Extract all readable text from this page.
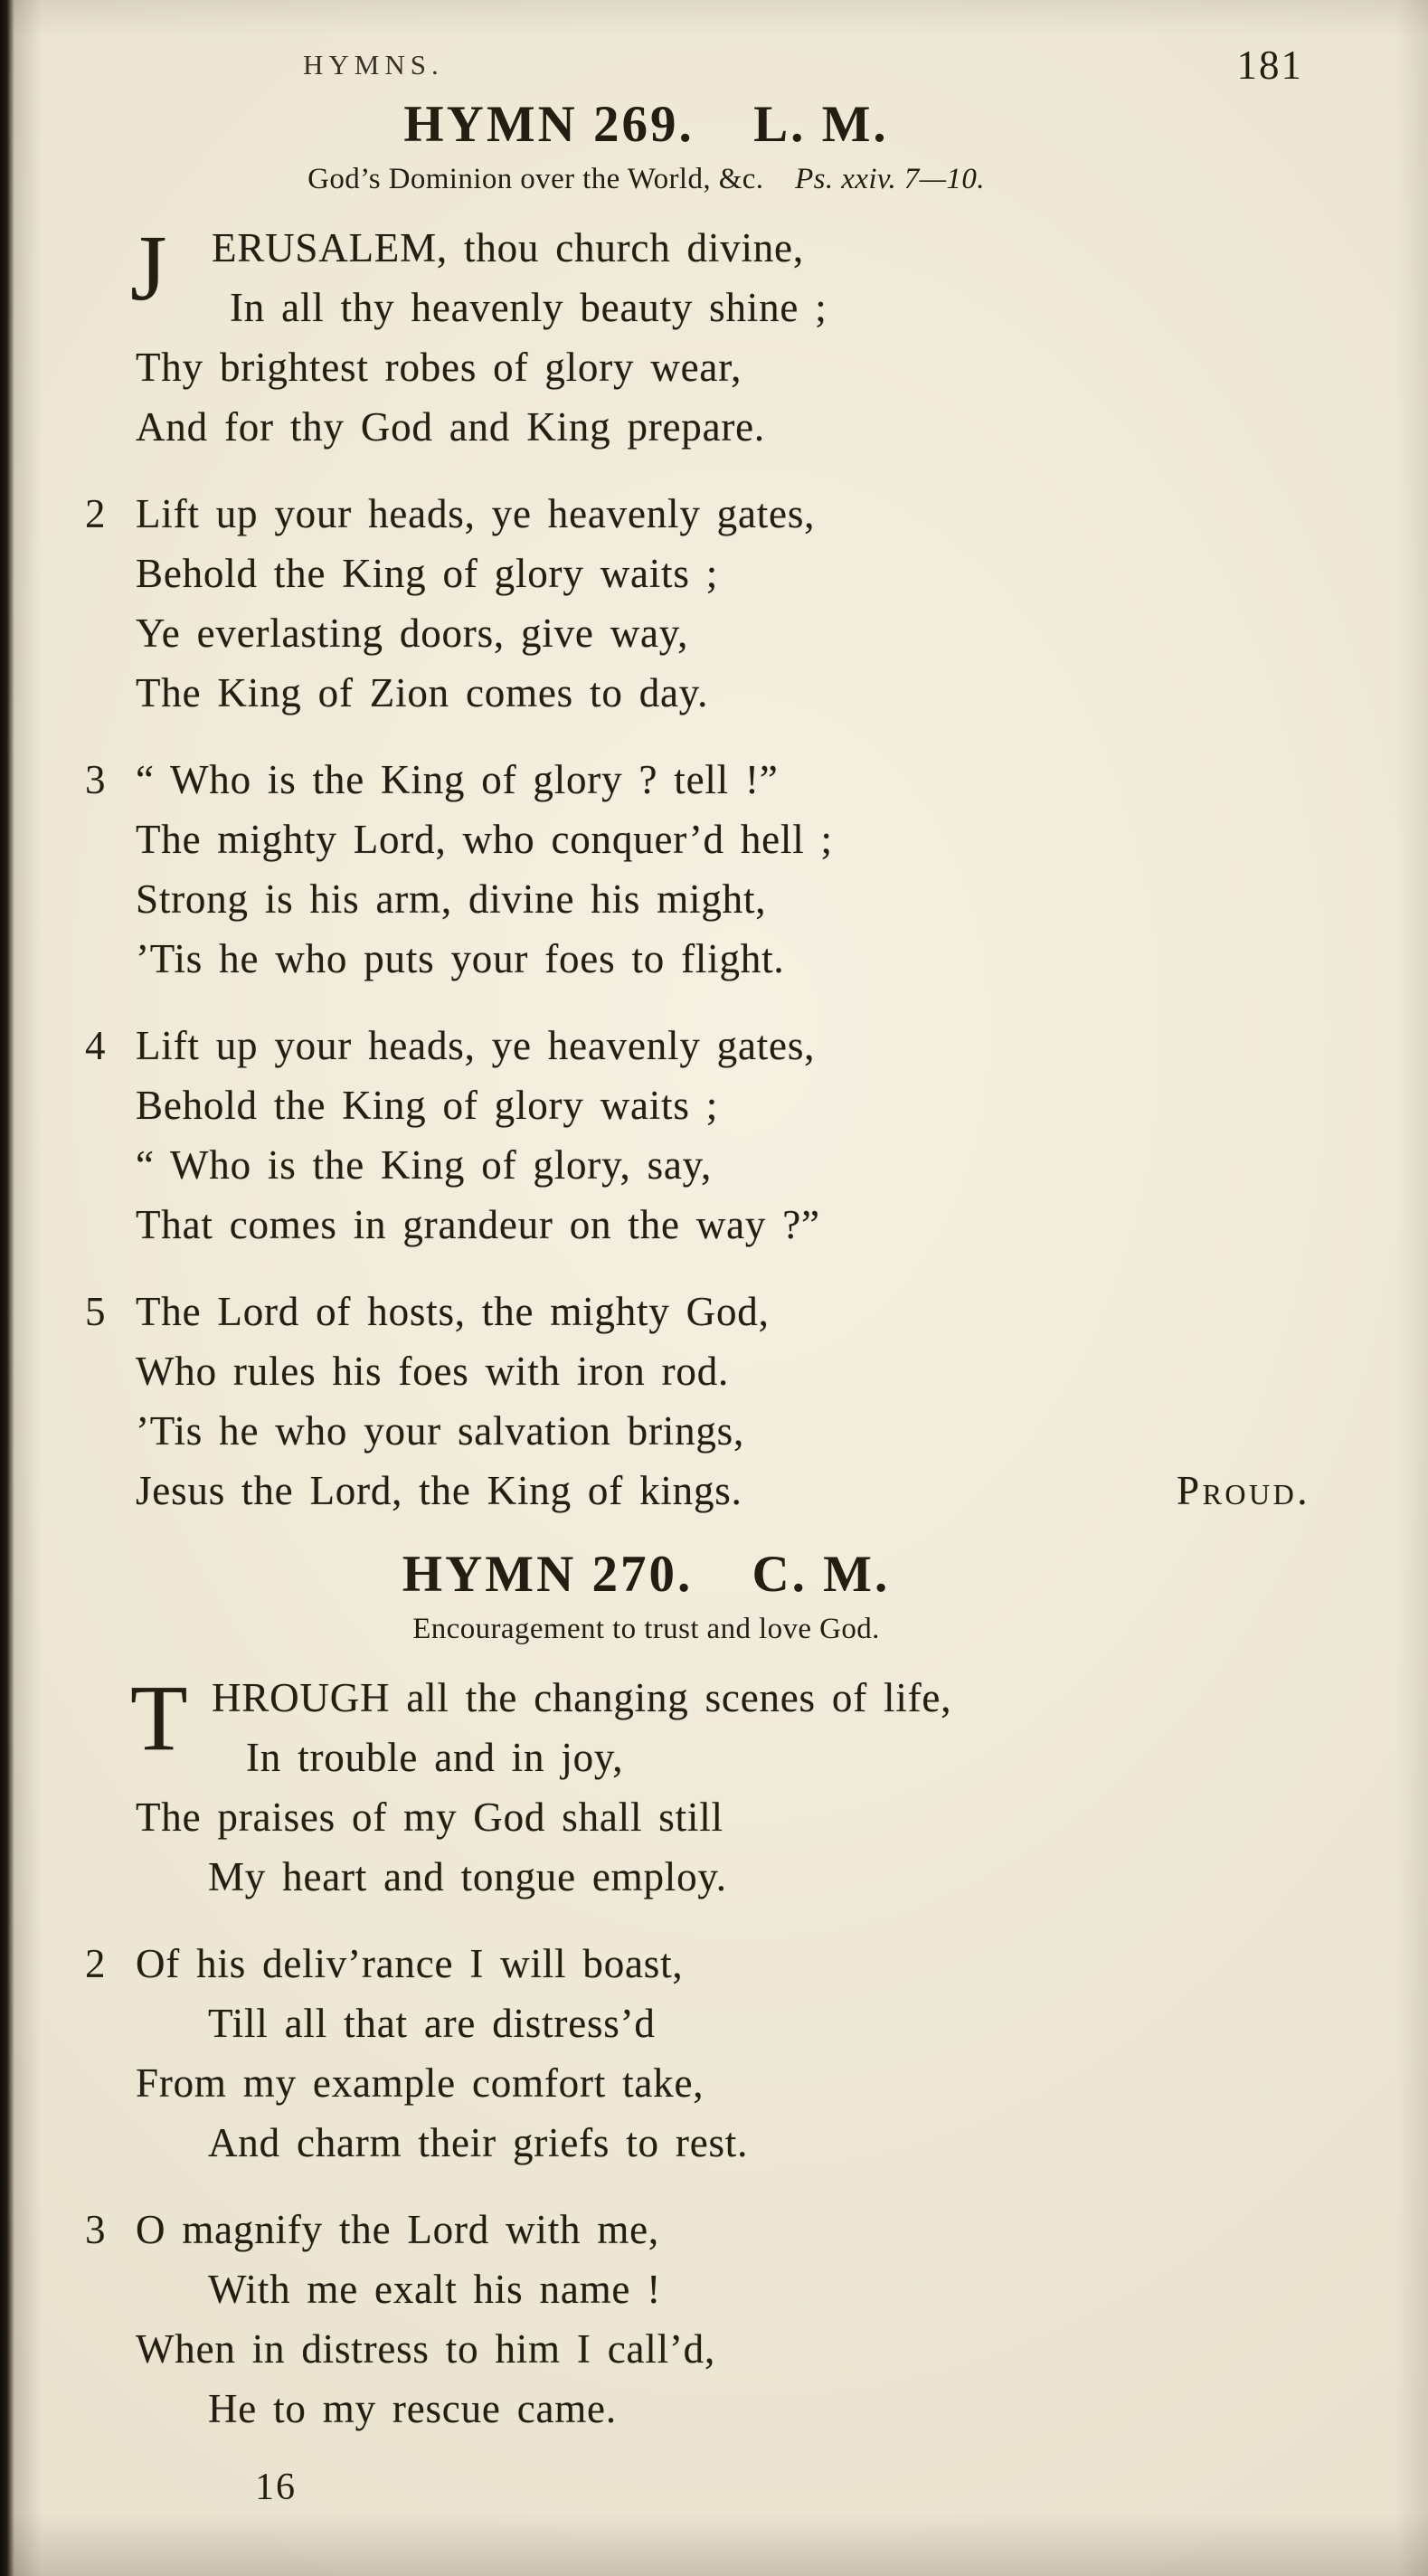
HYMNS.	181
HYMN 269. L. M.

God’s Dominion over the World, &c. Ps. xxiv. 7—10.

J	ERUSALEM, thou church divine,
In all thy heavenly beauty shine ;
Thy brightest robes of glory wear,
And for thy God and King prepare.
2 Lift up your heads, ye heavenly gates,
Behold the King of glory waits ;
Ye everlasting doors, give way,
The King of Zion comes to day.
3 “ Who is the King of glory ? tell !”
The mighty Lord, who conquer’d hell ;
Strong is his arm, divine his might,
’Tis he who puts your foes to flight.
4 Lift up your heads, ye heavenly gates,
Behold the King of glory waits ;
“ Who is the King of glory, say,
That comes in grandeur on the way ?”
5 The Lord of hosts, the mighty God,
Who rules his foes with iron rod.
’Tis he who your salvation brings,
Jesus the Lord, the King of kings.	Proud.
HYMN 270. C. M.

Encouragement to trust and love God.

T HROUGH all the changing scenes of life,
In trouble and in joy,
The praises of my God shall still
My heart and tongue employ.
2 Of his deliv’rance I will boast,
Till all that are distress’d
From my example comfort take,
And charm their griefs to rest.
3 O magnify the Lord with me,
With me exalt his name !
When in distress to him I call’d,
He to my rescue came.
16
